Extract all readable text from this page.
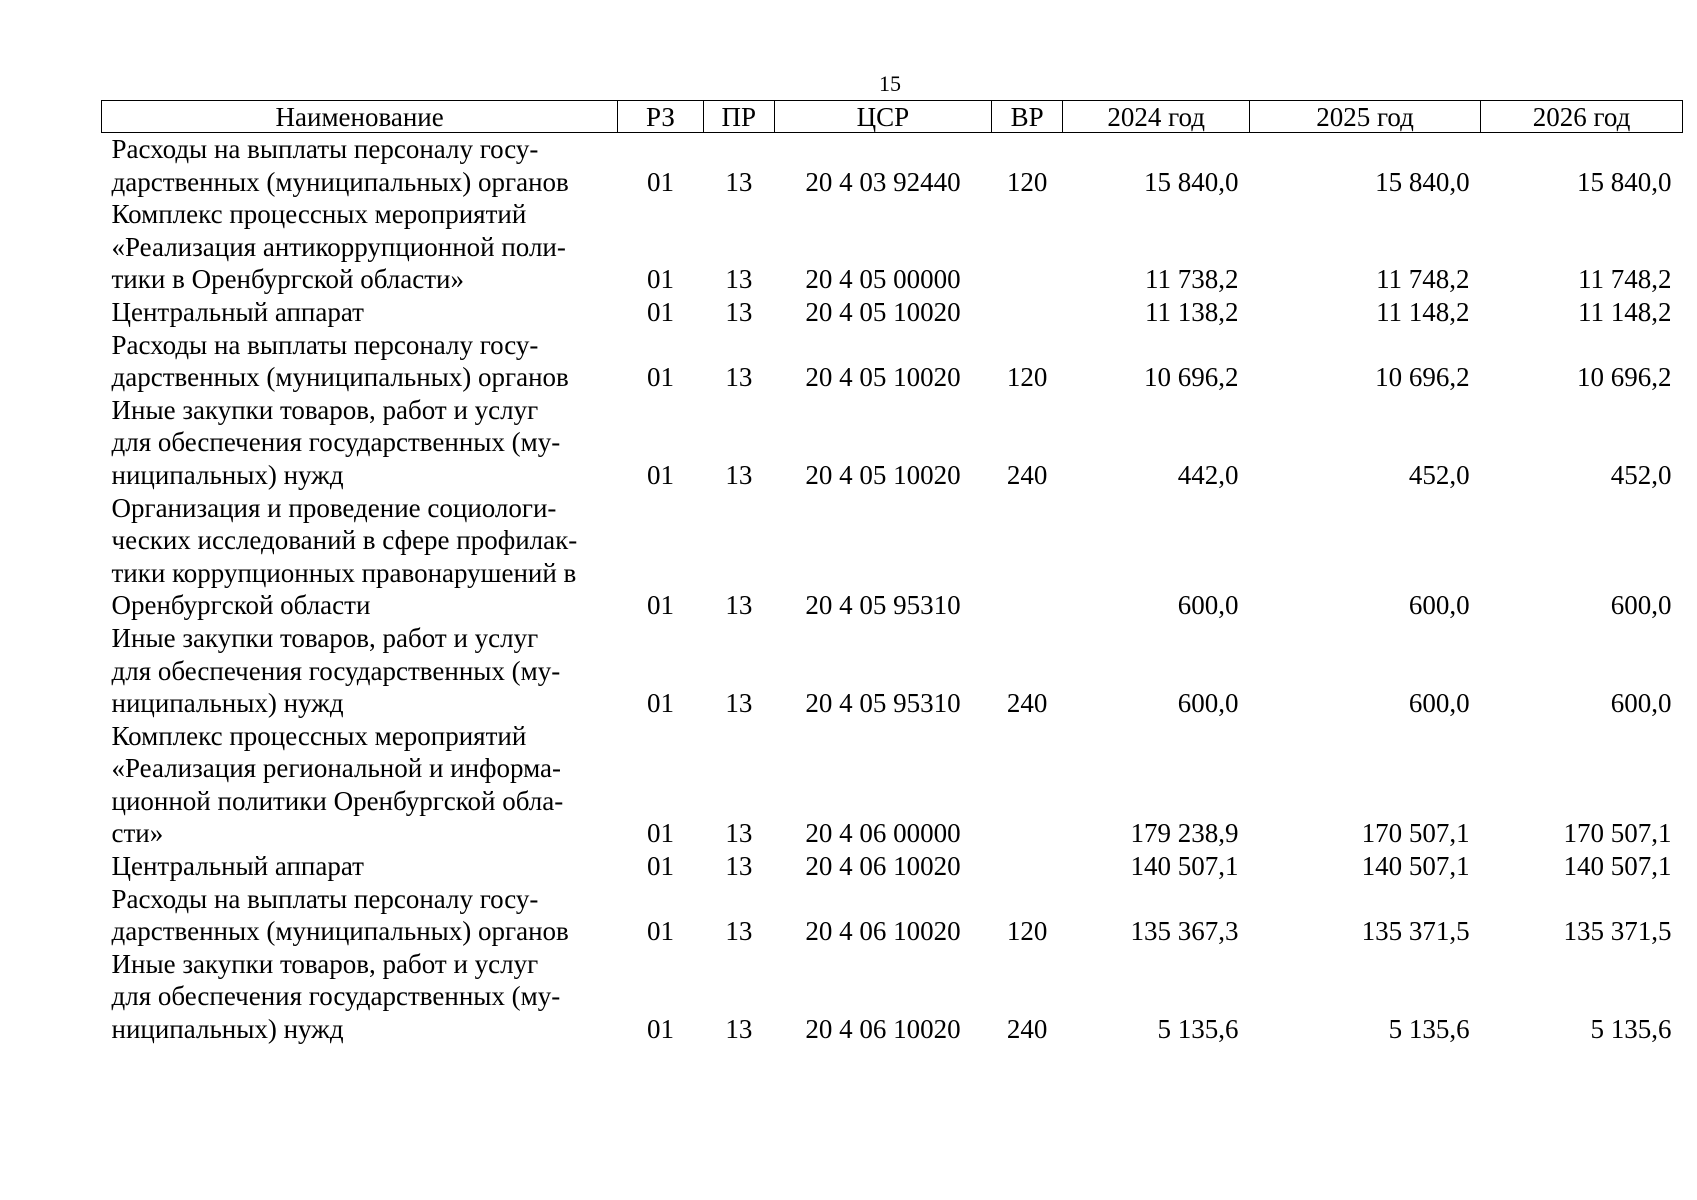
15
Наименование	РЗ	ПР	ЦСР	ВР	2024 год	2025 год	2026 год
Расходы на выплаты персоналу госу-
дарственных (муниципальных) органов	01	13	20 4 03 92440	120	15 840,0	15 840,0	15 840,0
Комплекс процессных мероприятий
«Реализация антикоррупционной поли-
тики в Оренбургской области»	01	13	20 4 05 00000		11 738,2	11 748,2	11 748,2
Центральный аппарат	01	13	20 4 05 10020		11 138,2	11 148,2	11 148,2
Расходы на выплаты персоналу госу-
дарственных (муниципальных) органов	01	13	20 4 05 10020	120	10 696,2	10 696,2	10 696,2
Иные закупки товаров, работ и услуг
для обеспечения государственных (му-
ниципальных) нужд	01	13	20 4 05 10020	240	442,0	452,0	452,0
Организация и проведение социологи-
ческих исследований в сфере профилак-
тики коррупционных правонарушений в
Оренбургской области	01	13	20 4 05 95310		600,0	600,0	600,0
Иные закупки товаров, работ и услуг
для обеспечения государственных (му-
ниципальных) нужд	01	13	20 4 05 95310	240	600,0	600,0	600,0
Комплекс процессных мероприятий
«Реализация региональной и информа-
ционной политики Оренбургской обла-
сти»	01	13	20 4 06 00000		179 238,9	170 507,1	170 507,1
Центральный аппарат	01	13	20 4 06 10020		140 507,1	140 507,1	140 507,1
Расходы на выплаты персоналу госу-
дарственных (муниципальных) органов	01	13	20 4 06 10020	120	135 367,3	135 371,5	135 371,5
Иные закупки товаров, работ и услуг
для обеспечения государственных (му-
ниципальных) нужд	01	13	20 4 06 10020	240	5 135,6	5 135,6	5 135,6
